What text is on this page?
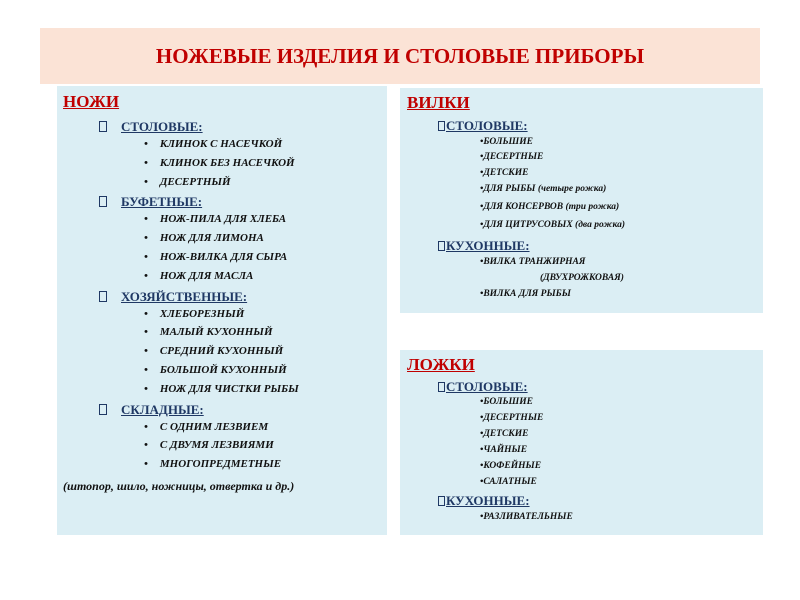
НОЖЕВЫЕ ИЗДЕЛИЯ И СТОЛОВЫЕ ПРИБОРЫ
НОЖИ
СТОЛОВЫЕ:
• КЛИНОК С НАСЕЧКОЙ
• КЛИНОК БЕЗ НАСЕЧКОЙ
• ДЕСЕРТНЫЙ
БУФЕТНЫЕ:
• НОЖ-ПИЛА ДЛЯ ХЛЕБА
• НОЖ ДЛЯ ЛИМОНА
• НОЖ-ВИЛКА ДЛЯ СЫРА
• НОЖ ДЛЯ МАСЛА
ХОЗЯЙСТВЕННЫЕ:
• ХЛЕБОРЕЗНЫЙ
• МАЛЫЙ КУХОННЫЙ
• СРЕДНИЙ КУХОННЫЙ
• БОЛЬШОЙ КУХОННЫЙ
• НОЖ ДЛЯ ЧИСТКИ РЫБЫ
СКЛАДНЫЕ:
• С ОДНИМ ЛЕЗВИЕМ
• С ДВУМЯ ЛЕЗВИЯМИ
• МНОГОПРЕДМЕТНЫЕ
(штопор, шило, ножницы, отвертка и др.)
ВИЛКИ
СТОЛОВЫЕ:
•БОЛЬШИЕ
•ДЕСЕРТНЫЕ
•ДЕТСКИЕ
•ДЛЯ РЫБЫ (четыре рожка)
•ДЛЯ КОНСЕРВОВ (три рожка)
•ДЛЯ ЦИТРУСОВЫХ (два рожка)
КУХОННЫЕ:
•ВИЛКА ТРАНЖИРНАЯ
(ДВУХРОЖКОВАЯ)
•ВИЛКА ДЛЯ РЫБЫ
ЛОЖКИ
СТОЛОВЫЕ:
•БОЛЬШИЕ
•ДЕСЕРТНЫЕ
•ДЕТСКИЕ
•ЧАЙНЫЕ
•КОФЕЙНЫЕ
•САЛАТНЫЕ
КУХОННЫЕ:
•РАЗЛИВАТЕЛЬНЫЕ
